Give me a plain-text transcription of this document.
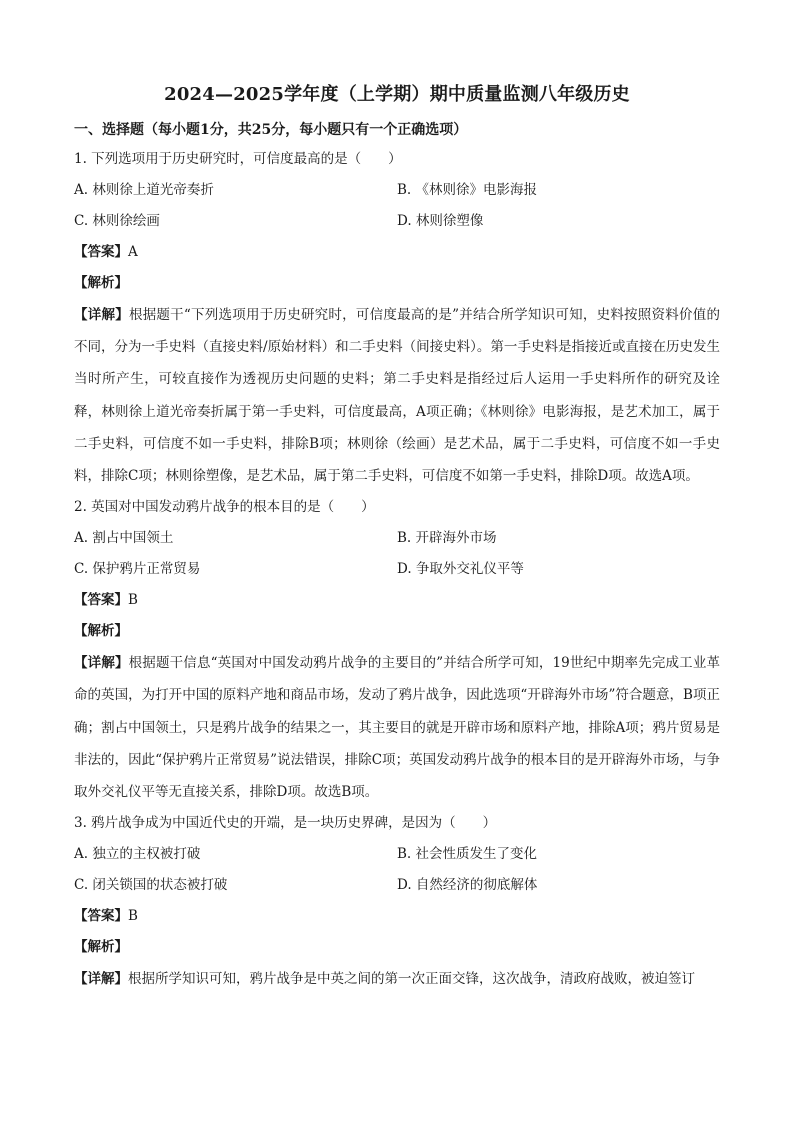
2024—2025学年度（上学期）期中质量监测八年级历史

一、选择题（每小题1分，共25分，每小题只有一个正确选项）

1. 下列选项用于历史研究时，可信度最高的是（　　）

A. 林则徐上道光帝奏折	B. 《林则徐》电影海报
C. 林则徐绘画	D. 林则徐塑像

【答案】A

【解析】

【详解】根据题干“下列选项用于历史研究时，可信度最高的是”并结合所学知识可知，史料按照资料价值的不同，分为一手史料（直接史料/原始材料）和二手史料（间接史料）。第一手史料是指接近或直接在历史发生当时所产生，可较直接作为透视历史问题的史料；第二手史料是指经过后人运用一手史料所作的研究及诠释，林则徐上道光帝奏折属于第一手史料，可信度最高，A项正确；《林则徐》电影海报，是艺术加工，属于二手史料，可信度不如一手史料，排除B项；林则徐（绘画）是艺术品，属于二手史料，可信度不如一手史料，排除C项；林则徐塑像，是艺术品，属于第二手史料，可信度不如第一手史料，排除D项。故选A项。

2. 英国对中国发动鸦片战争的根本目的是（　　）

A. 割占中国领土	B. 开辟海外市场
C. 保护鸦片正常贸易	D. 争取外交礼仪平等

【答案】B

【解析】

【详解】根据题干信息“英国对中国发动鸦片战争的主要目的”并结合所学可知，19世纪中期率先完成工业革命的英国，为打开中国的原料产地和商品市场，发动了鸦片战争，因此选项“开辟海外市场”符合题意，B项正确；割占中国领土，只是鸦片战争的结果之一，其主要目的就是开辟市场和原料产地，排除A项；鸦片贸易是非法的，因此“保护鸦片正常贸易”说法错误，排除C项；英国发动鸦片战争的根本目的是开辟海外市场，与争取外交礼仪平等无直接关系，排除D项。故选B项。

3. 鸦片战争成为中国近代史的开端，是一块历史界碑，是因为（　　）

A. 独立的主权被打破	B. 社会性质发生了变化
C. 闭关锁国的状态被打破	D. 自然经济的彻底解体

【答案】B

【解析】

【详解】根据所学知识可知，鸦片战争是中英之间的第一次正面交锋，这次战争，清政府战败，被迫签订
